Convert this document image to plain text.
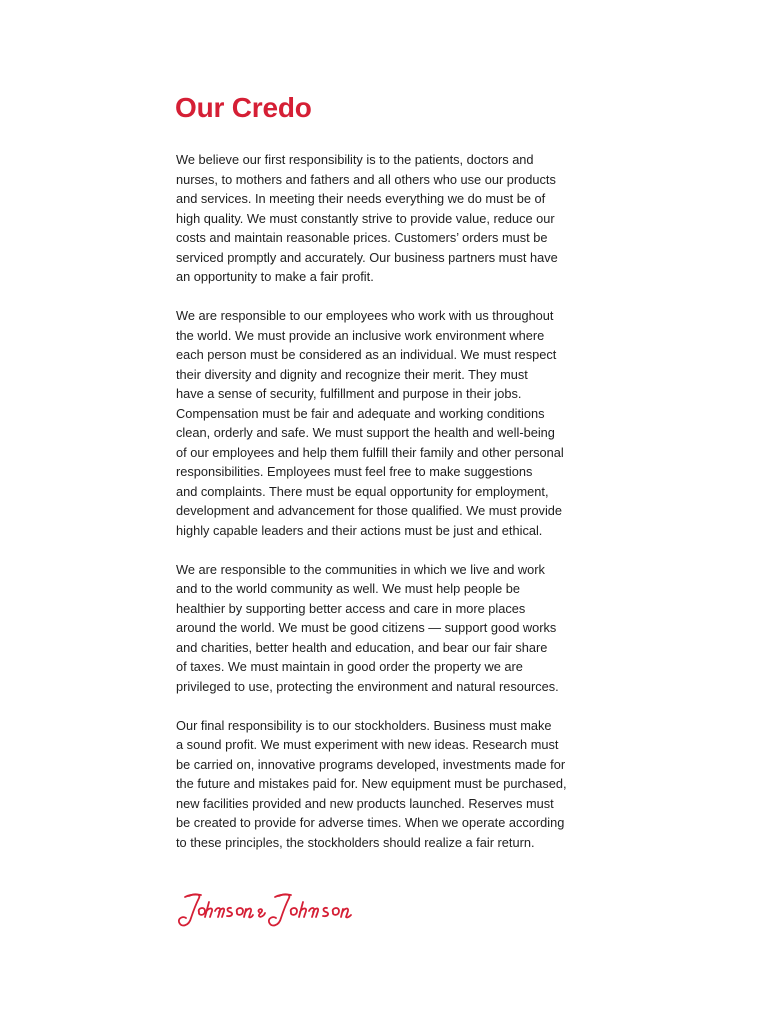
Our Credo

We believe our first responsibility is to the patients, doctors and
nurses, to mothers and fathers and all others who use our products
and services. In meeting their needs everything we do must be of
high quality. We must constantly strive to provide value, reduce our
costs and maintain reasonable prices. Customers’ orders must be
serviced promptly and accurately. Our business partners must have
an opportunity to make a fair profit.

We are responsible to our employees who work with us throughout
the world. We must provide an inclusive work environment where
each person must be considered as an individual. We must respect
their diversity and dignity and recognize their merit. They must
have a sense of security, fulfillment and purpose in their jobs.
Compensation must be fair and adequate and working conditions
clean, orderly and safe. We must support the health and well-being
of our employees and help them fulfill their family and other personal
responsibilities. Employees must feel free to make suggestions
and complaints. There must be equal opportunity for employment,
development and advancement for those qualified. We must provide
highly capable leaders and their actions must be just and ethical.

We are responsible to the communities in which we live and work
and to the world community as well. We must help people be
healthier by supporting better access and care in more places
around the world. We must be good citizens — support good works
and charities, better health and education, and bear our fair share
of taxes. We must maintain in good order the property we are
privileged to use, protecting the environment and natural resources.

Our final responsibility is to our stockholders. Business must make
a sound profit. We must experiment with new ideas. Research must
be carried on, innovative programs developed, investments made for
the future and mistakes paid for. New equipment must be purchased,
new facilities provided and new products launched. Reserves must
be created to provide for adverse times. When we operate according
to these principles, the stockholders should realize a fair return.
